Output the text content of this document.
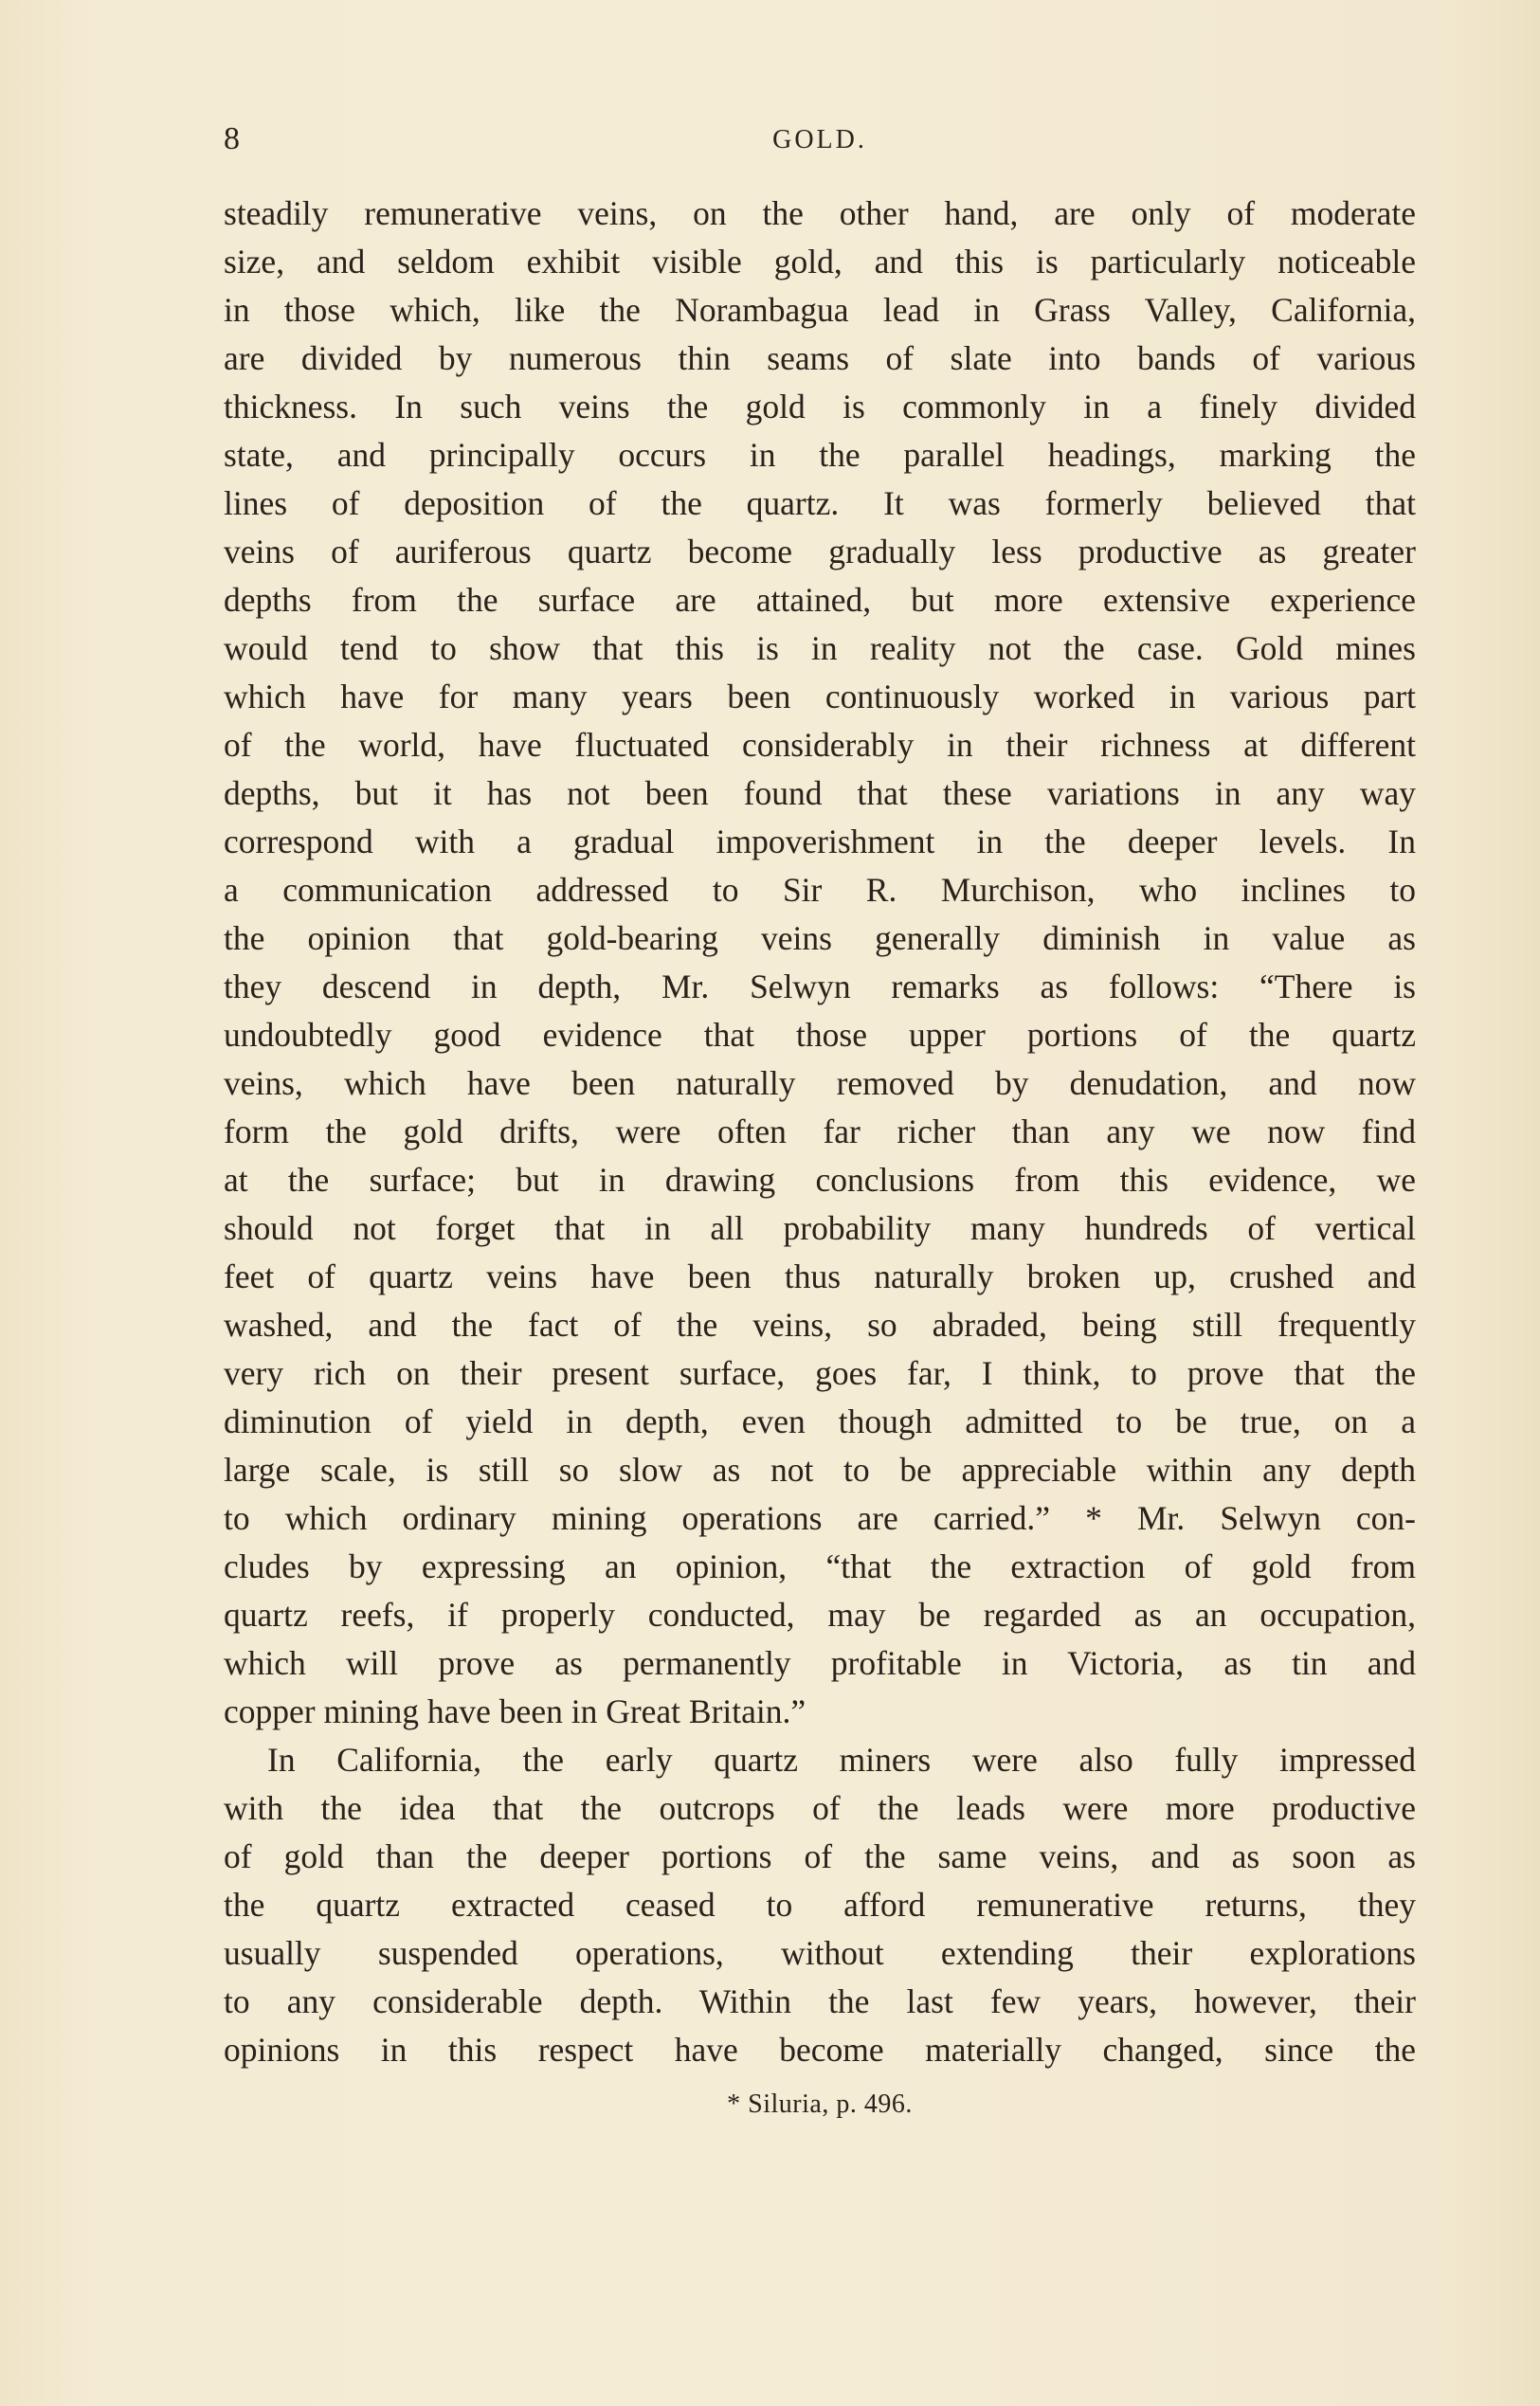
8	GOLD.
steadily remunerative veins, on the other hand, are only of moderate
size, and seldom exhibit visible gold, and this is particularly noticeable
in those which, like the Norambagua lead in Grass Valley, California,
are divided by numerous thin seams of slate into bands of various
thickness. In such veins the gold is commonly in a finely divided
state, and principally occurs in the parallel headings, marking the
lines of deposition of the quartz. It was formerly believed that
veins of auriferous quartz become gradually less productive as greater
depths from the surface are attained, but more extensive experience
would tend to show that this is in reality not the case. Gold mines
which have for many years been continuously worked in various part
of the world, have fluctuated considerably in their richness at different
depths, but it has not been found that these variations in any way
correspond with a gradual impoverishment in the deeper levels. In
a communication addressed to Sir R. Murchison, who inclines to
the opinion that gold-bearing veins generally diminish in value as
they descend in depth, Mr. Selwyn remarks as follows: “There is
undoubtedly good evidence that those upper portions of the quartz
veins, which have been naturally removed by denudation, and now
form the gold drifts, were often far richer than any we now find
at the surface; but in drawing conclusions from this evidence, we
should not forget that in all probability many hundreds of vertical
feet of quartz veins have been thus naturally broken up, crushed and
washed, and the fact of the veins, so abraded, being still frequently
very rich on their present surface, goes far, I think, to prove that the
diminution of yield in depth, even though admitted to be true, on a
large scale, is still so slow as not to be appreciable within any depth
to which ordinary mining operations are carried.” * Mr. Selwyn con-
cludes by expressing an opinion, “that the extraction of gold from
quartz reefs, if properly conducted, may be regarded as an occupation,
which will prove as permanently profitable in Victoria, as tin and
copper mining have been in Great Britain.”
In California, the early quartz miners were also fully impressed
with the idea that the outcrops of the leads were more productive
of gold than the deeper portions of the same veins, and as soon as
the quartz extracted ceased to afford remunerative returns, they
usually suspended operations, without extending their explorations
to any considerable depth. Within the last few years, however, their
opinions in this respect have become materially changed, since the
* Siluria, p. 496.
